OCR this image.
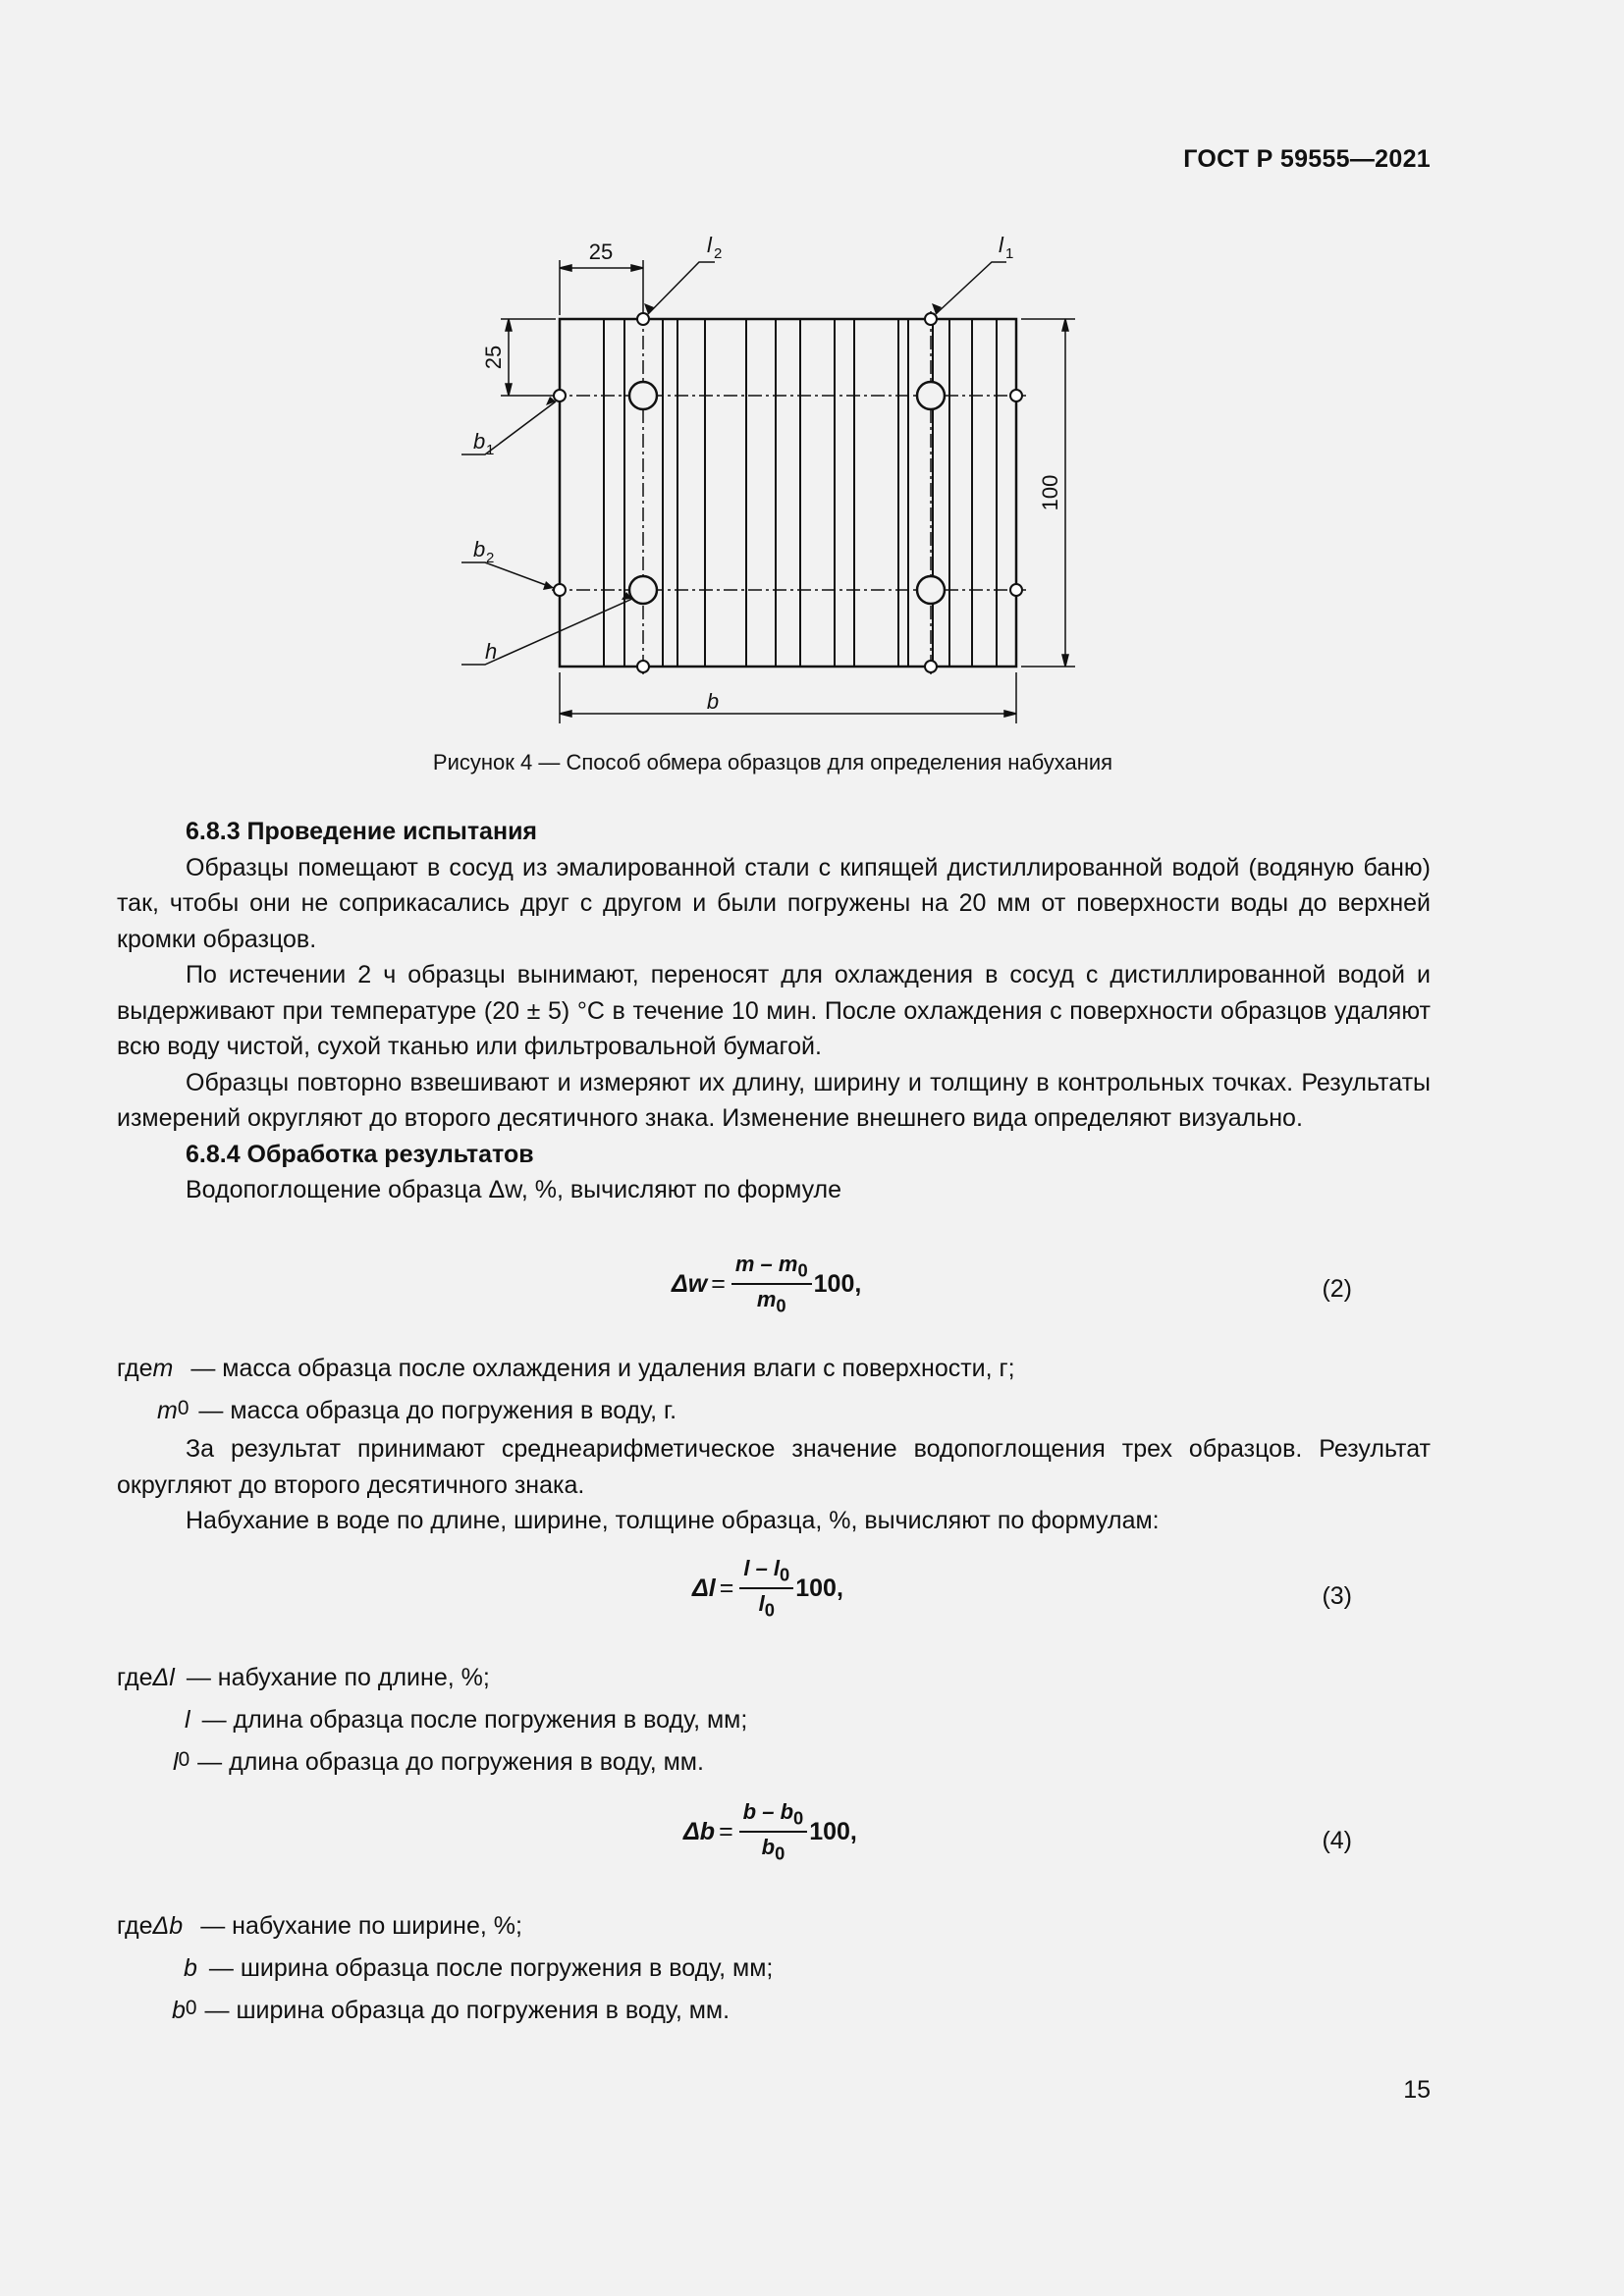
ГОСТ Р 59555—2021
25
25
100
b
l 2	l 1
b 1
b 2
h
Рисунок 4 — Способ обмера образцов для определения набухания

6.8.3 Проведение испытания

Образцы помещают в сосуд из эмалированной стали с кипящей дистиллированной водой (водяную баню) так, чтобы они не соприкасались друг с другом и были погружены на 20 мм от поверхности воды до верхней кромки образцов.

По истечении 2 ч образцы вынимают, переносят для охлаждения в сосуд с дистиллированной водой и выдерживают при температуре (20 ± 5) °С в течение 10 мин. После охлаждения с поверхности образцов удаляют всю воду чистой, сухой тканью или фильтровальной бумагой.

Образцы повторно взвешивают и измеряют их длину, ширину и толщину в контрольных точках. Результаты измерений округляют до второго десятичного знака. Изменение внешнего вида определяют визуально.

6.8.4 Обработка результатов

Водопоглощение образца Δw, %, вычисляют по формуле

$\Delta w = \frac{m - m_0}{m_0} 100$,	(2)
где m — масса образца после охлаждения и удаления влаги с поверхности, г;
m 0 — масса образца до погружения в воду, г.

За результат принимают среднеарифметическое значение водопоглощения трех образцов. Результат округляют до второго десятичного знака.

Набухание в воде по длине, ширине, толщине образца, %, вычисляют по формулам:

$\Delta l = \frac{l - l_0}{l_0} 100$,	(3)
где Δl — набухание по длине, %;
l — длина образца после погружения в воду, мм;
l 0 — длина образца до погружения в воду, мм.
$\Delta b = \frac{b - b_0}{b_0} 100$,	(4)
где Δb — набухание по ширине, %;
b — ширина образца после погружения в воду, мм;
b 0 — ширина образца до погружения в воду, мм.
15
